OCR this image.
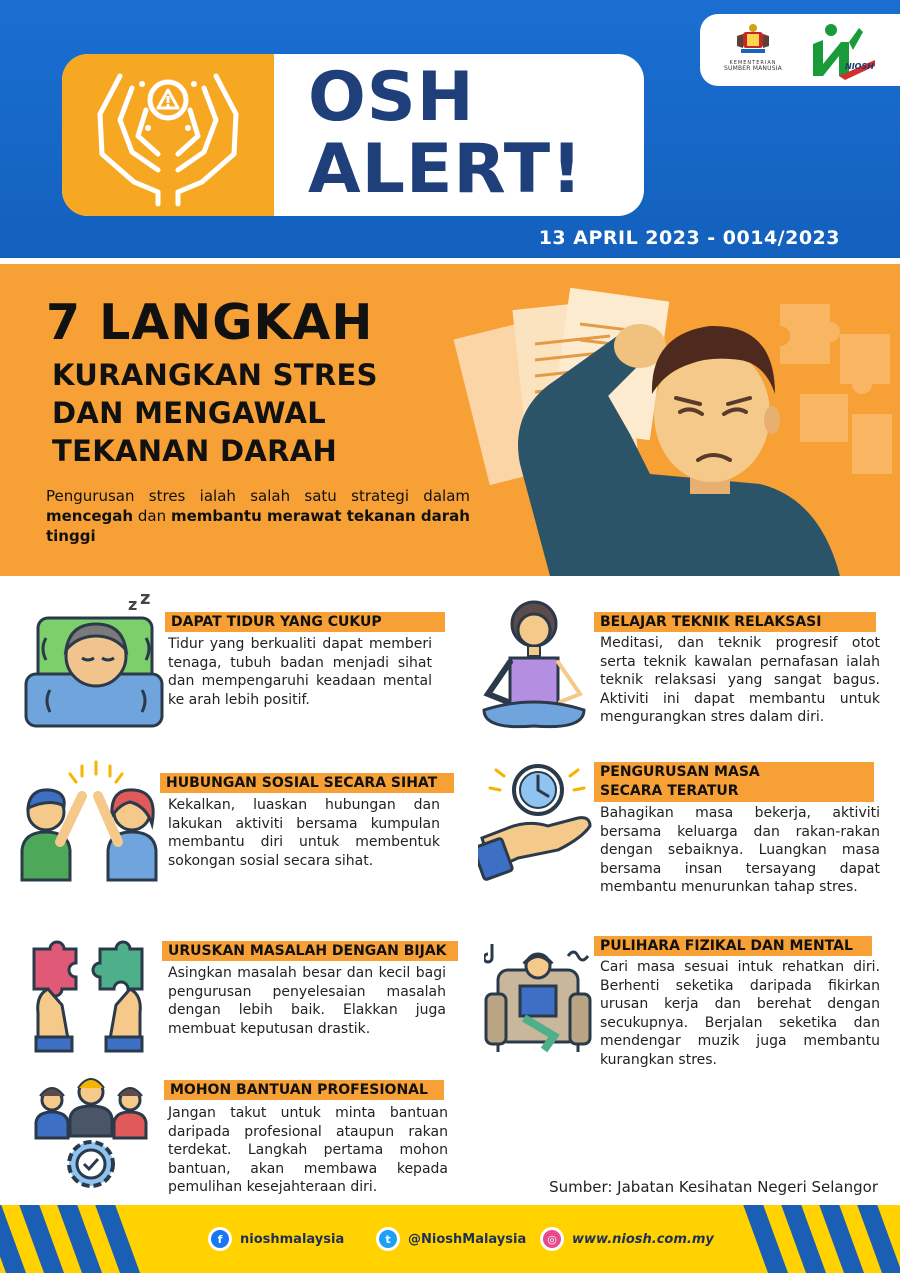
KEMENTERIAN
SUMBER MANUSIA	NIOSH
OSH
ALERT!
13 APRIL 2023 - 0014/2023
7 LANGKAH
KURANGKAN STRES
DAN MENGAWAL
TEKANAN DARAH
Pengurusan stres ialah salah satu strategi dalam mencegah dan membantu merawat tekanan darah tinggi
z z
DAPAT TIDUR YANG CUKUP
Tidur yang berkualiti dapat memberi tenaga, tubuh badan menjadi sihat dan mempengaruhi keadaan mental ke arah lebih positif.
BELAJAR TEKNIK RELAKSASI
Meditasi, dan teknik progresif otot serta teknik kawalan pernafasan ialah teknik relaksasi yang sangat bagus. Aktiviti ini dapat membantu untuk mengurangkan stres dalam diri.
HUBUNGAN SOSIAL SECARA SIHAT
Kekalkan, luaskan hubungan dan lakukan aktiviti bersama kumpulan membantu diri untuk membentuk sokongan sosial secara sihat.
PENGURUSAN MASA
SECARA TERATUR
Bahagikan masa bekerja, aktiviti bersama keluarga dan rakan-rakan dengan sebaiknya. Luangkan masa bersama insan tersayang dapat membantu menurunkan tahap stres.
URUSKAN MASALAH DENGAN BIJAK
Asingkan masalah besar dan kecil bagi pengurusan penyelesaian masalah dengan lebih baik. Elakkan juga membuat keputusan drastik.
PULIHARA FIZIKAL DAN MENTAL
Cari masa sesuai intuk rehatkan diri. Berhenti seketika daripada fikirkan urusan kerja dan berehat dengan secukupnya. Berjalan seketika dan mendengar muzik juga membantu kurangkan stres.
MOHON BANTUAN PROFESIONAL
Jangan takut untuk minta bantuan daripada profesional ataupun rakan terdekat. Langkah pertama mohon bantuan, akan membawa kepada pemulihan kesejahteraan diri.	Sumber: Jabatan Kesihatan Negeri Selangor
f	nioshmalaysia	t	@NioshMalaysia	◎	www.niosh.com.my
